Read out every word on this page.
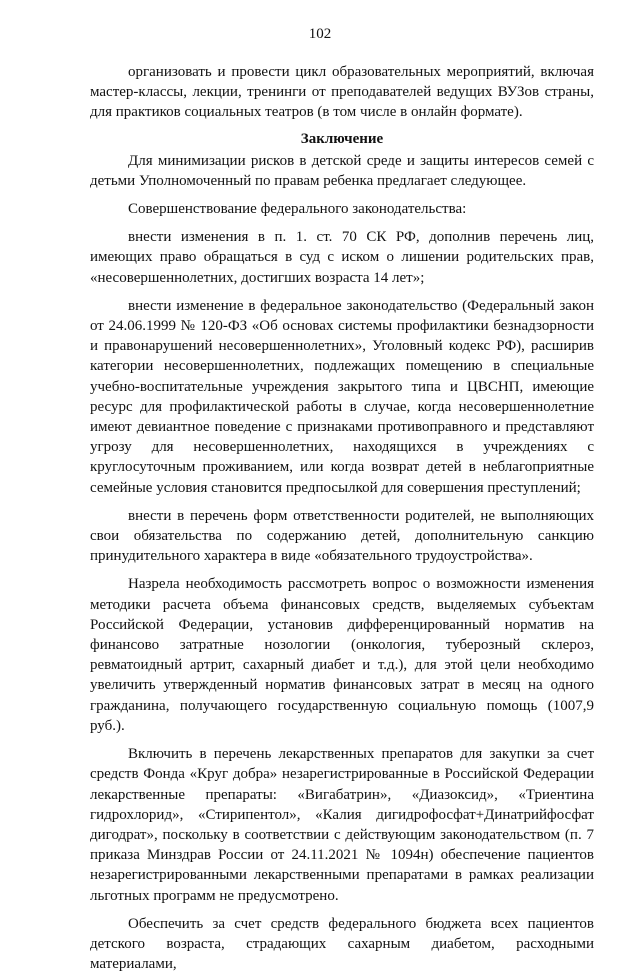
102

организовать и провести цикл образовательных мероприятий, включая мастер-классы, лекции, тренинги от преподавателей ведущих ВУЗов страны, для практиков социальных театров (в том числе в онлайн формате).

Заключение

Для минимизации рисков в детской среде и защиты интересов семей с детьми Уполномоченный по правам ребенка предлагает следующее.

Совершенствование федерального законодательства:

внести изменения в п. 1. ст. 70 СК РФ, дополнив перечень лиц, имеющих право обращаться в суд с иском о лишении родительских прав, «несовершеннолетних, достигших возраста 14 лет»;

внести изменение в федеральное законодательство (Федеральный закон от 24.06.1999 № 120-ФЗ «Об основах системы профилактики безнадзорности и правонарушений несовершеннолетних», Уголовный кодекс РФ), расширив категории несовершеннолетних, подлежащих помещению в специальные учебно-воспитательные учреждения закрытого типа и ЦВСНП, имеющие ресурс для профилактической работы в случае, когда несовершеннолетние имеют девиантное поведение с признаками противоправного и представляют угрозу для несовершеннолетних, находящихся в учреждениях с круглосуточным проживанием, или когда возврат детей в неблагоприятные семейные условия становится предпосылкой для совершения преступлений;

внести в перечень форм ответственности родителей, не выполняющих свои обязательства по содержанию детей, дополнительную санкцию принудительного характера в виде «обязательного трудоустройства».

Назрела необходимость рассмотреть вопрос о возможности изменения методики расчета объема финансовых средств, выделяемых субъектам Российской Федерации, установив дифференцированный норматив на финансово затратные нозологии (онкология, туберозный склероз, ревматоидный артрит, сахарный диабет и т.д.), для этой цели необходимо увеличить утвержденный норматив финансовых затрат в месяц на одного гражданина, получающего государственную социальную помощь (1007,9 руб.).

Включить в перечень лекарственных препаратов для закупки за счет средств Фонда «Круг добра» незарегистрированные в Российской Федерации лекарственные препараты: «Вигабатрин», «Диазоксид», «Триентина гидрохлорид», «Стирипентол», «Калия дигидрофосфат+Динатрийфосфат дигодрат», поскольку в соответствии с действующим законодательством (п. 7 приказа Минздрав России от 24.11.2021 № 1094н) обеспечение пациентов незарегистрированными лекарственными препаратами в рамках реализации льготных программ не предусмотрено.

Обеспечить за счет средств федерального бюджета всех пациентов детского возраста, страдающих сахарным диабетом, расходными материалами,
